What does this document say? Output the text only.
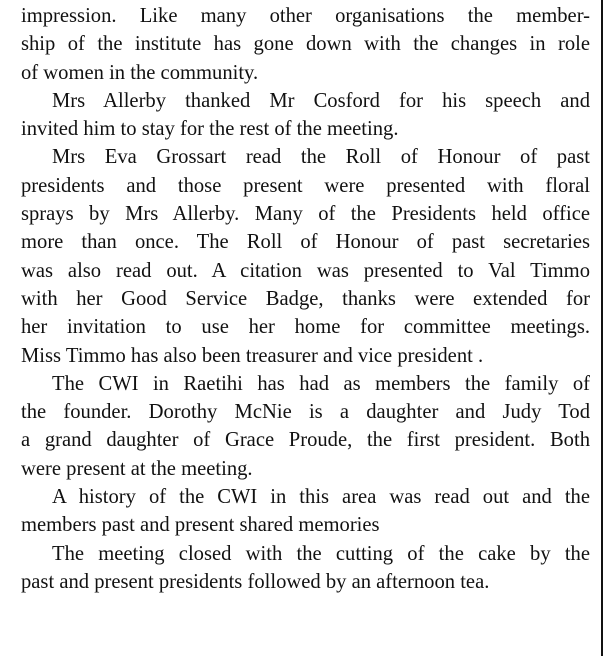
impression. Like many other organisations the member-
ship of the institute has gone down with the changes in role
of women in the community.

Mrs Allerby thanked Mr Cosford for his speech and
invited him to stay for the rest of the meeting.

Mrs Eva Grossart read the Roll of Honour of past
presidents and those present were presented with floral
sprays by Mrs Allerby. Many of the Presidents held office
more than once. The Roll of Honour of past secretaries
was also read out. A citation was presented to Val Timmo
with her Good Service Badge, thanks were extended for
her invitation to use her home for committee meetings.
Miss Timmo has also been treasurer and vice president .

The CWI in Raetihi has had as members the family of
the founder. Dorothy McNie is a daughter and Judy Tod
a grand daughter of Grace Proude, the first president. Both
were present at the meeting.

A history of the CWI in this area was read out and the
members past and present shared memories

The meeting closed with the cutting of the cake by the
past and present presidents followed by an afternoon tea.
